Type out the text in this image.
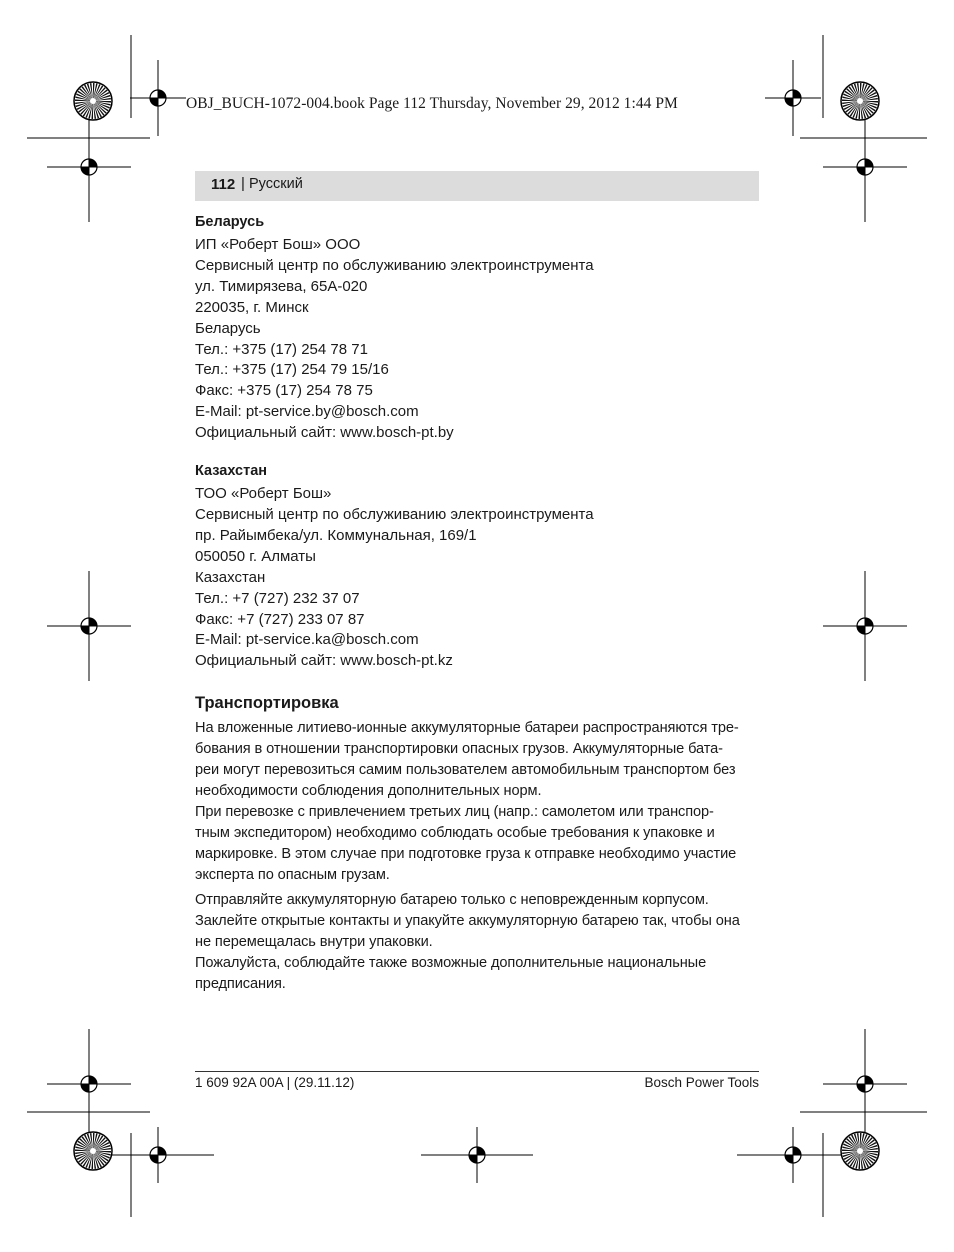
OBJ_BUCH-1072-004.book Page 112 Thursday, November 29, 2012 1:44 PM
112 | Русский
Беларусь
ИП «Роберт Бош» ООО
Сервисный центр по обслуживанию электроинструмента
ул. Тимирязева, 65А-020
220035, г. Минск
Беларусь
Тел.: +375 (17) 254 78 71
Тел.: +375 (17) 254 79 15/16
Факс: +375 (17) 254 78 75
E-Mail: pt-service.by@bosch.com
Официальный сайт: www.bosch-pt.by
Казахстан
ТОО «Роберт Бош»
Сервисный центр по обслуживанию электроинструмента
пр. Райымбека/ул. Коммунальная, 169/1
050050 г. Алматы
Казахстан
Тел.: +7 (727) 232 37 07
Факс: +7 (727) 233 07 87
E-Mail: pt-service.ka@bosch.com
Официальный сайт: www.bosch-pt.kz
Транспортировка

На вложенные литиево-ионные аккумуляторные батареи распространяются тре-
бования в отношении транспортировки опасных грузов. Аккумуляторные бата-
реи могут перевозиться самим пользователем автомобильным транспортом без
необходимости соблюдения дополнительных норм.

При перевозке с привлечением третьих лиц (напр.: самолетом или транспор-
тным экспедитором) необходимо соблюдать особые требования к упаковке и
маркировке. В этом случае при подготовке груза к отправке необходимо участие
эксперта по опасным грузам.

Отправляйте аккумуляторную батарею только с неповрежденным корпусом.
Заклейте открытые контакты и упакуйте аккумуляторную батарею так, чтобы она
не перемещалась внутри упаковки.

Пожалуйста, соблюдайте также возможные дополнительные национальные
предписания.

1 609 92A 00A | (29.11.12)	Bosch Power Tools
